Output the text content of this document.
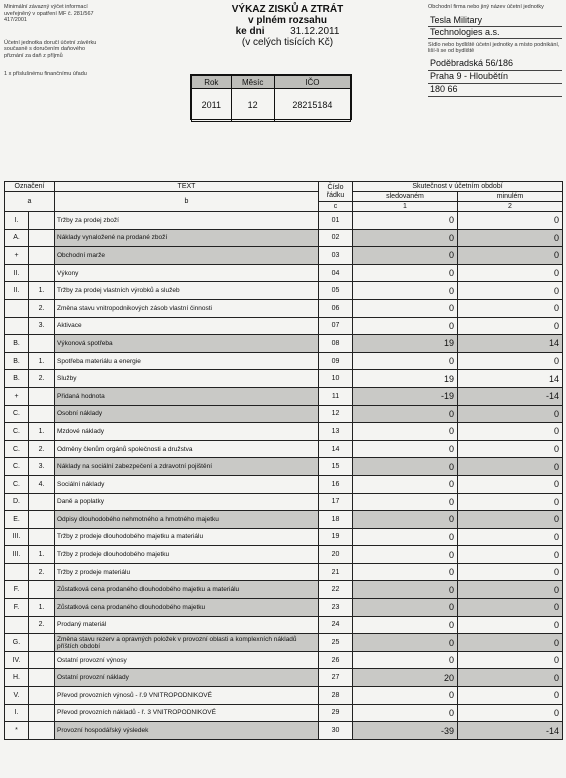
Minimální závazný výčet informací uveřejněný v opatření MF č. 281/567 417/2001
Účetní jednotka doručí účetní závěrku současně s doručením daňového přiznání za daň z příjmů
1 x příslušnému finančnímu úřadu
VÝKAZ ZISKŮ A ZTRÁT
v plném rozsahu
ke dni	31.12.2011
(v celých tisících Kč)
Rok	Měsíc	IČO
2011	12	28215184
Obchodní firma nebo jiný název účetní jednotky
Tesla Military
Technologies a.s.
Sídlo nebo bydliště účetní jednotky a místo podnikání, liší-li se od bydliště
Poděbradská 56/186
Praha 9 - Hloubětín
180 66
Označení		TEXT	Číslo řádku	Skutečnost v účetním období	
a		b		sledovaném	minulém
			c	1	2
I.		Tržby za prodej zboží	01	0	0
A.		Náklady vynaložené na prodané zboží	02	0	0
+		Obchodní marže	03	0	0
II.		Výkony	04	0	0
II.	1.	Tržby za prodej vlastních výrobků a služeb	05	0	0
	2.	Změna stavu vnitropodnikových zásob vlastní činnosti	06	0	0
	3.	Aktivace	07	0	0
B.		Výkonová spotřeba	08	19	14
B.	1.	Spotřeba materiálu a energie	09	0	0
B.	2.	Služby	10	19	14
+		Přidaná hodnota	11	-19	-14
C.		Osobní náklady	12	0	0
C.	1.	Mzdové náklady	13	0	0
C.	2.	Odměny členům orgánů společnosti a družstva	14	0	0
C.	3.	Náklady na sociální zabezpečení a zdravotní pojištění	15	0	0
C.	4.	Sociální náklady	16	0	0
D.		Daně a poplatky	17	0	0
E.		Odpisy dlouhodobého nehmotného a hmotného majetku	18	0	0
III.		Tržby z prodeje dlouhodobého majetku a materiálu	19	0	0
III.	1.	Tržby z prodeje dlouhodobého majetku	20	0	0
	2.	Tržby z prodeje materiálu	21	0	0
F.		Zůstatková cena prodaného dlouhodobého majetku a materiálu	22	0	0
F.	1.	Zůstatková cena prodaného dlouhodobého majetku	23	0	0
	2.	Prodaný materiál	24	0	0
G.		Změna stavu rezerv a opravných položek v provozní oblasti a komplexních nákladů příštích období	25	0	0
IV.		Ostatní provozní výnosy	26	0	0
H.		Ostatní provozní náklady	27	20	0
V.		Převod provozních výnosů - ř.9 VNITROPODNIKOVÉ	28	0	0
I.		Převod provozních nákladů - ř. 3 VNITROPODNIKOVÉ	29	0	0
*		Provozní hospodářský výsledek	30	-39	-14
